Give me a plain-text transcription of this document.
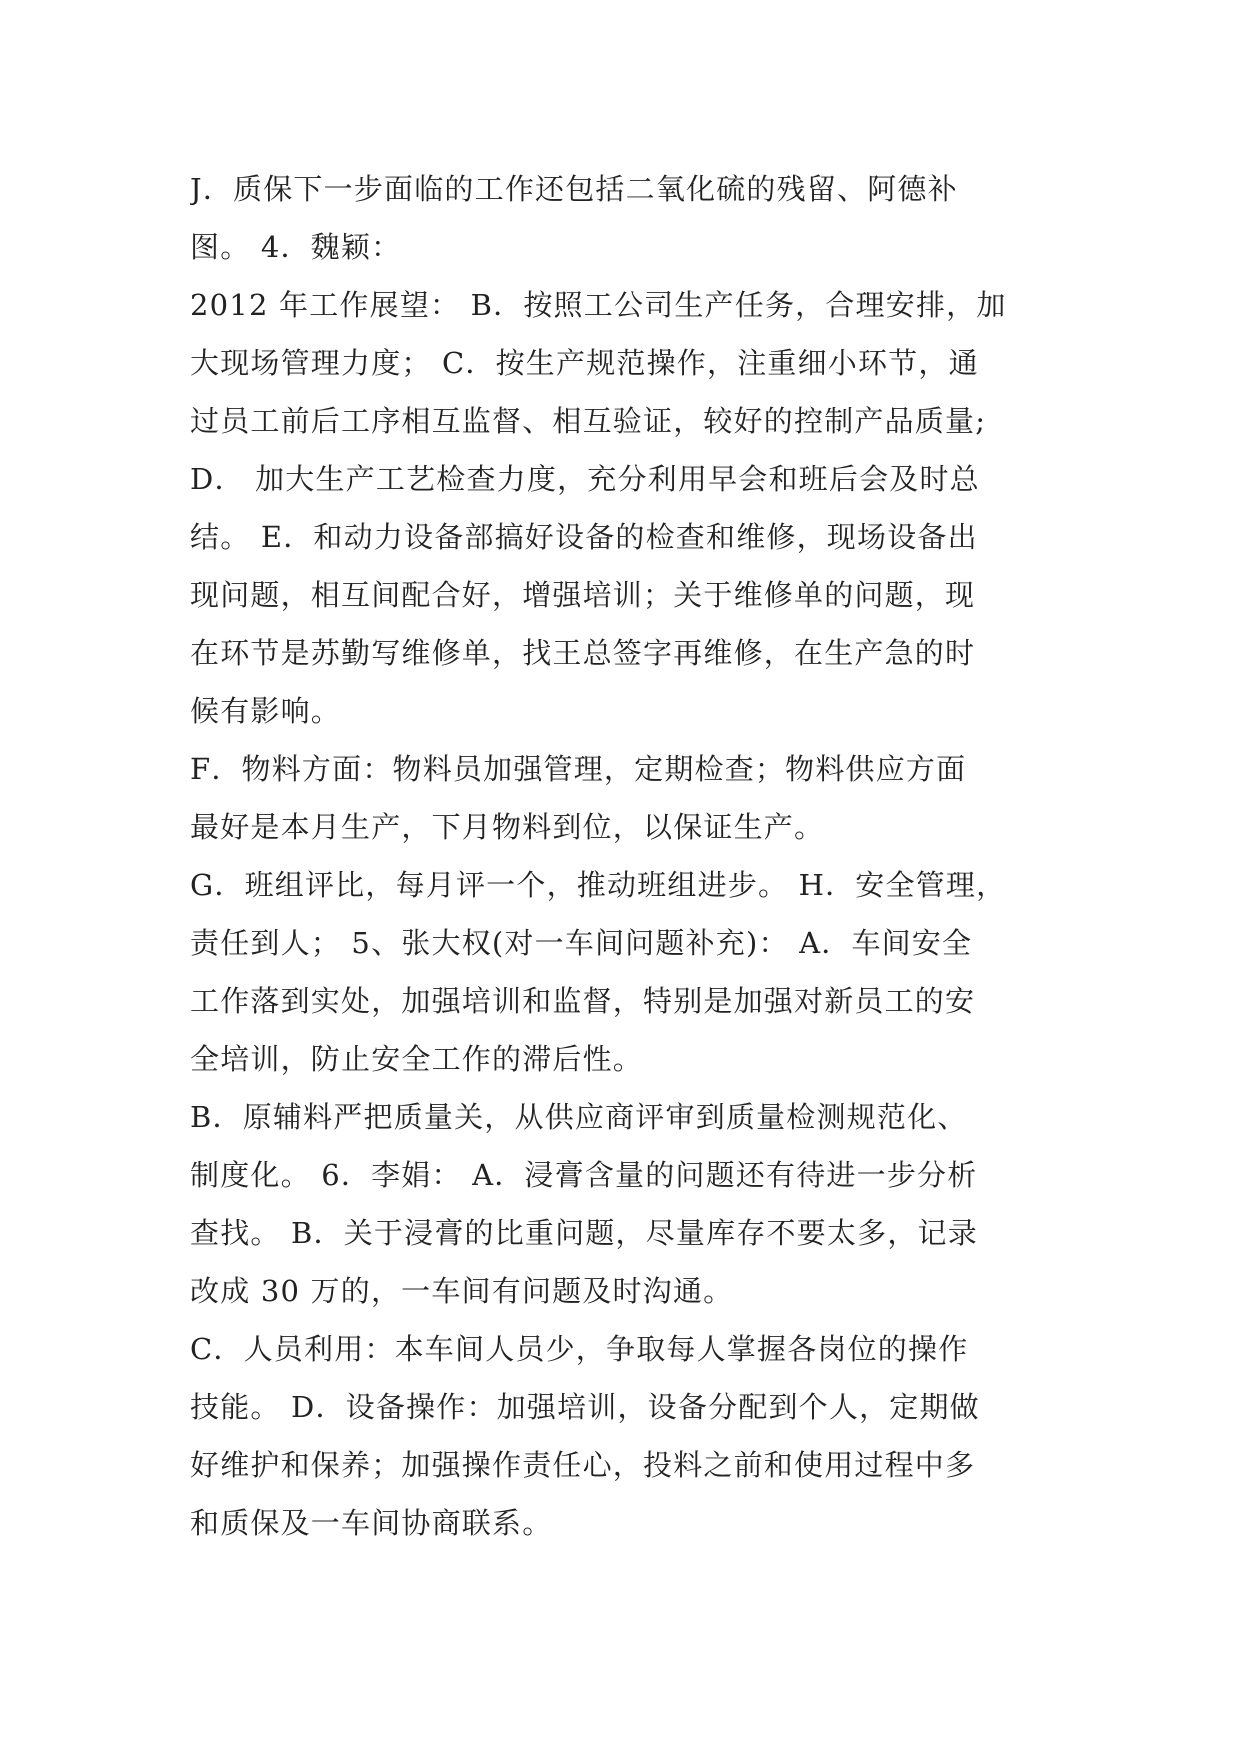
J．质保下一步面临的工作还包括二氧化硫的残留、阿德补
图。 4．魏颖：
2012 年工作展望： B．按照工公司生产任务，合理安排，加
大现场管理力度； C．按生产规范操作，注重细小环节，通
过员工前后工序相互监督、相互验证，较好的控制产品质量;
D． 加大生产工艺检查力度，充分利用早会和班后会及时总
结。 E．和动力设备部搞好设备的检查和维修，现场设备出
现问题，相互间配合好，增强培训；关于维修单的问题，现
在环节是苏勤写维修单，找王总签字再维修，在生产急的时
候有影响。
F．物料方面：物料员加强管理，定期检查；物料供应方面
最好是本月生产，下月物料到位，以保证生产。
G．班组评比，每月评一个，推动班组进步。 H．安全管理，
责任到人； 5、张大权(对一车间问题补充)： A．车间安全
工作落到实处，加强培训和监督，特别是加强对新员工的安
全培训，防止安全工作的滞后性。
B．原辅料严把质量关，从供应商评审到质量检测规范化、
制度化。 6．李娟： A．浸膏含量的问题还有待进一步分析
查找。 B．关于浸膏的比重问题，尽量库存不要太多，记录
改成 30 万的，一车间有问题及时沟通。
C．人员利用：本车间人员少，争取每人掌握各岗位的操作
技能。 D．设备操作：加强培训，设备分配到个人，定期做
好维护和保养；加强操作责任心，投料之前和使用过程中多
和质保及一车间协商联系。
